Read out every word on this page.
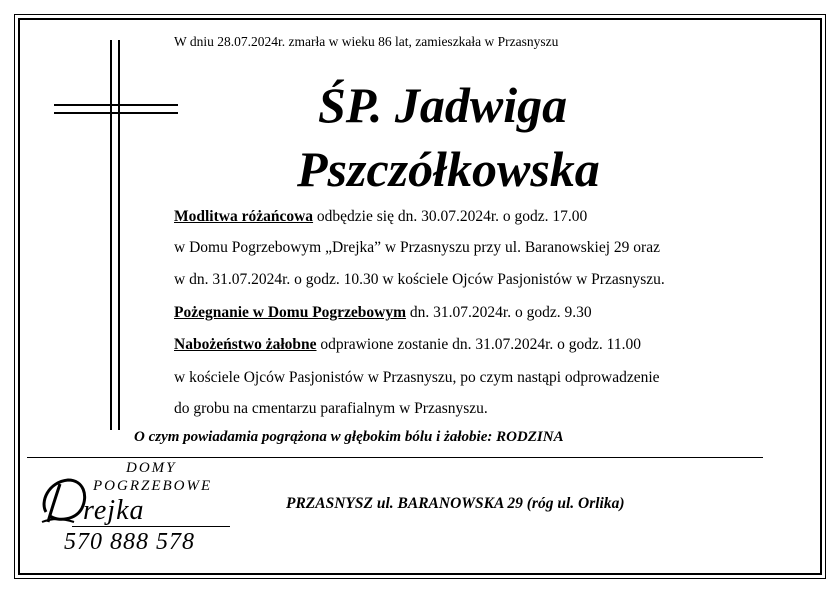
W dniu 28.07.2024r. zmarła w wieku 86 lat, zamieszkała w Przasnyszu
ŚP. Jadwiga
Pszczółkowska
Modlitwa różańcowa odbędzie się dn. 30.07.2024r. o godz. 17.00
w Domu Pogrzebowym „Drejka” w Przasnyszu przy ul. Baranowskiej 29 oraz
w dn. 31.07.2024r. o godz. 10.30 w kościele Ojców Pasjonistów w Przasnyszu.
Pożegnanie w Domu Pogrzebowym dn. 31.07.2024r. o godz. 9.30
Nabożeństwo żałobne odprawione zostanie dn. 31.07.2024r. o godz. 11.00
w kościele Ojców Pasjonistów w Przasnyszu, po czym nastąpi odprowadzenie
do grobu na cmentarzu parafialnym w Przasnyszu.
O czym powiadamia pogrążona w głębokim bólu i żałobie: RODZINA
DOMY
POGRZEBOWE
rejka
570 888 578
PRZASNYSZ ul. BARANOWSKA 29 (róg ul. Orlika)
